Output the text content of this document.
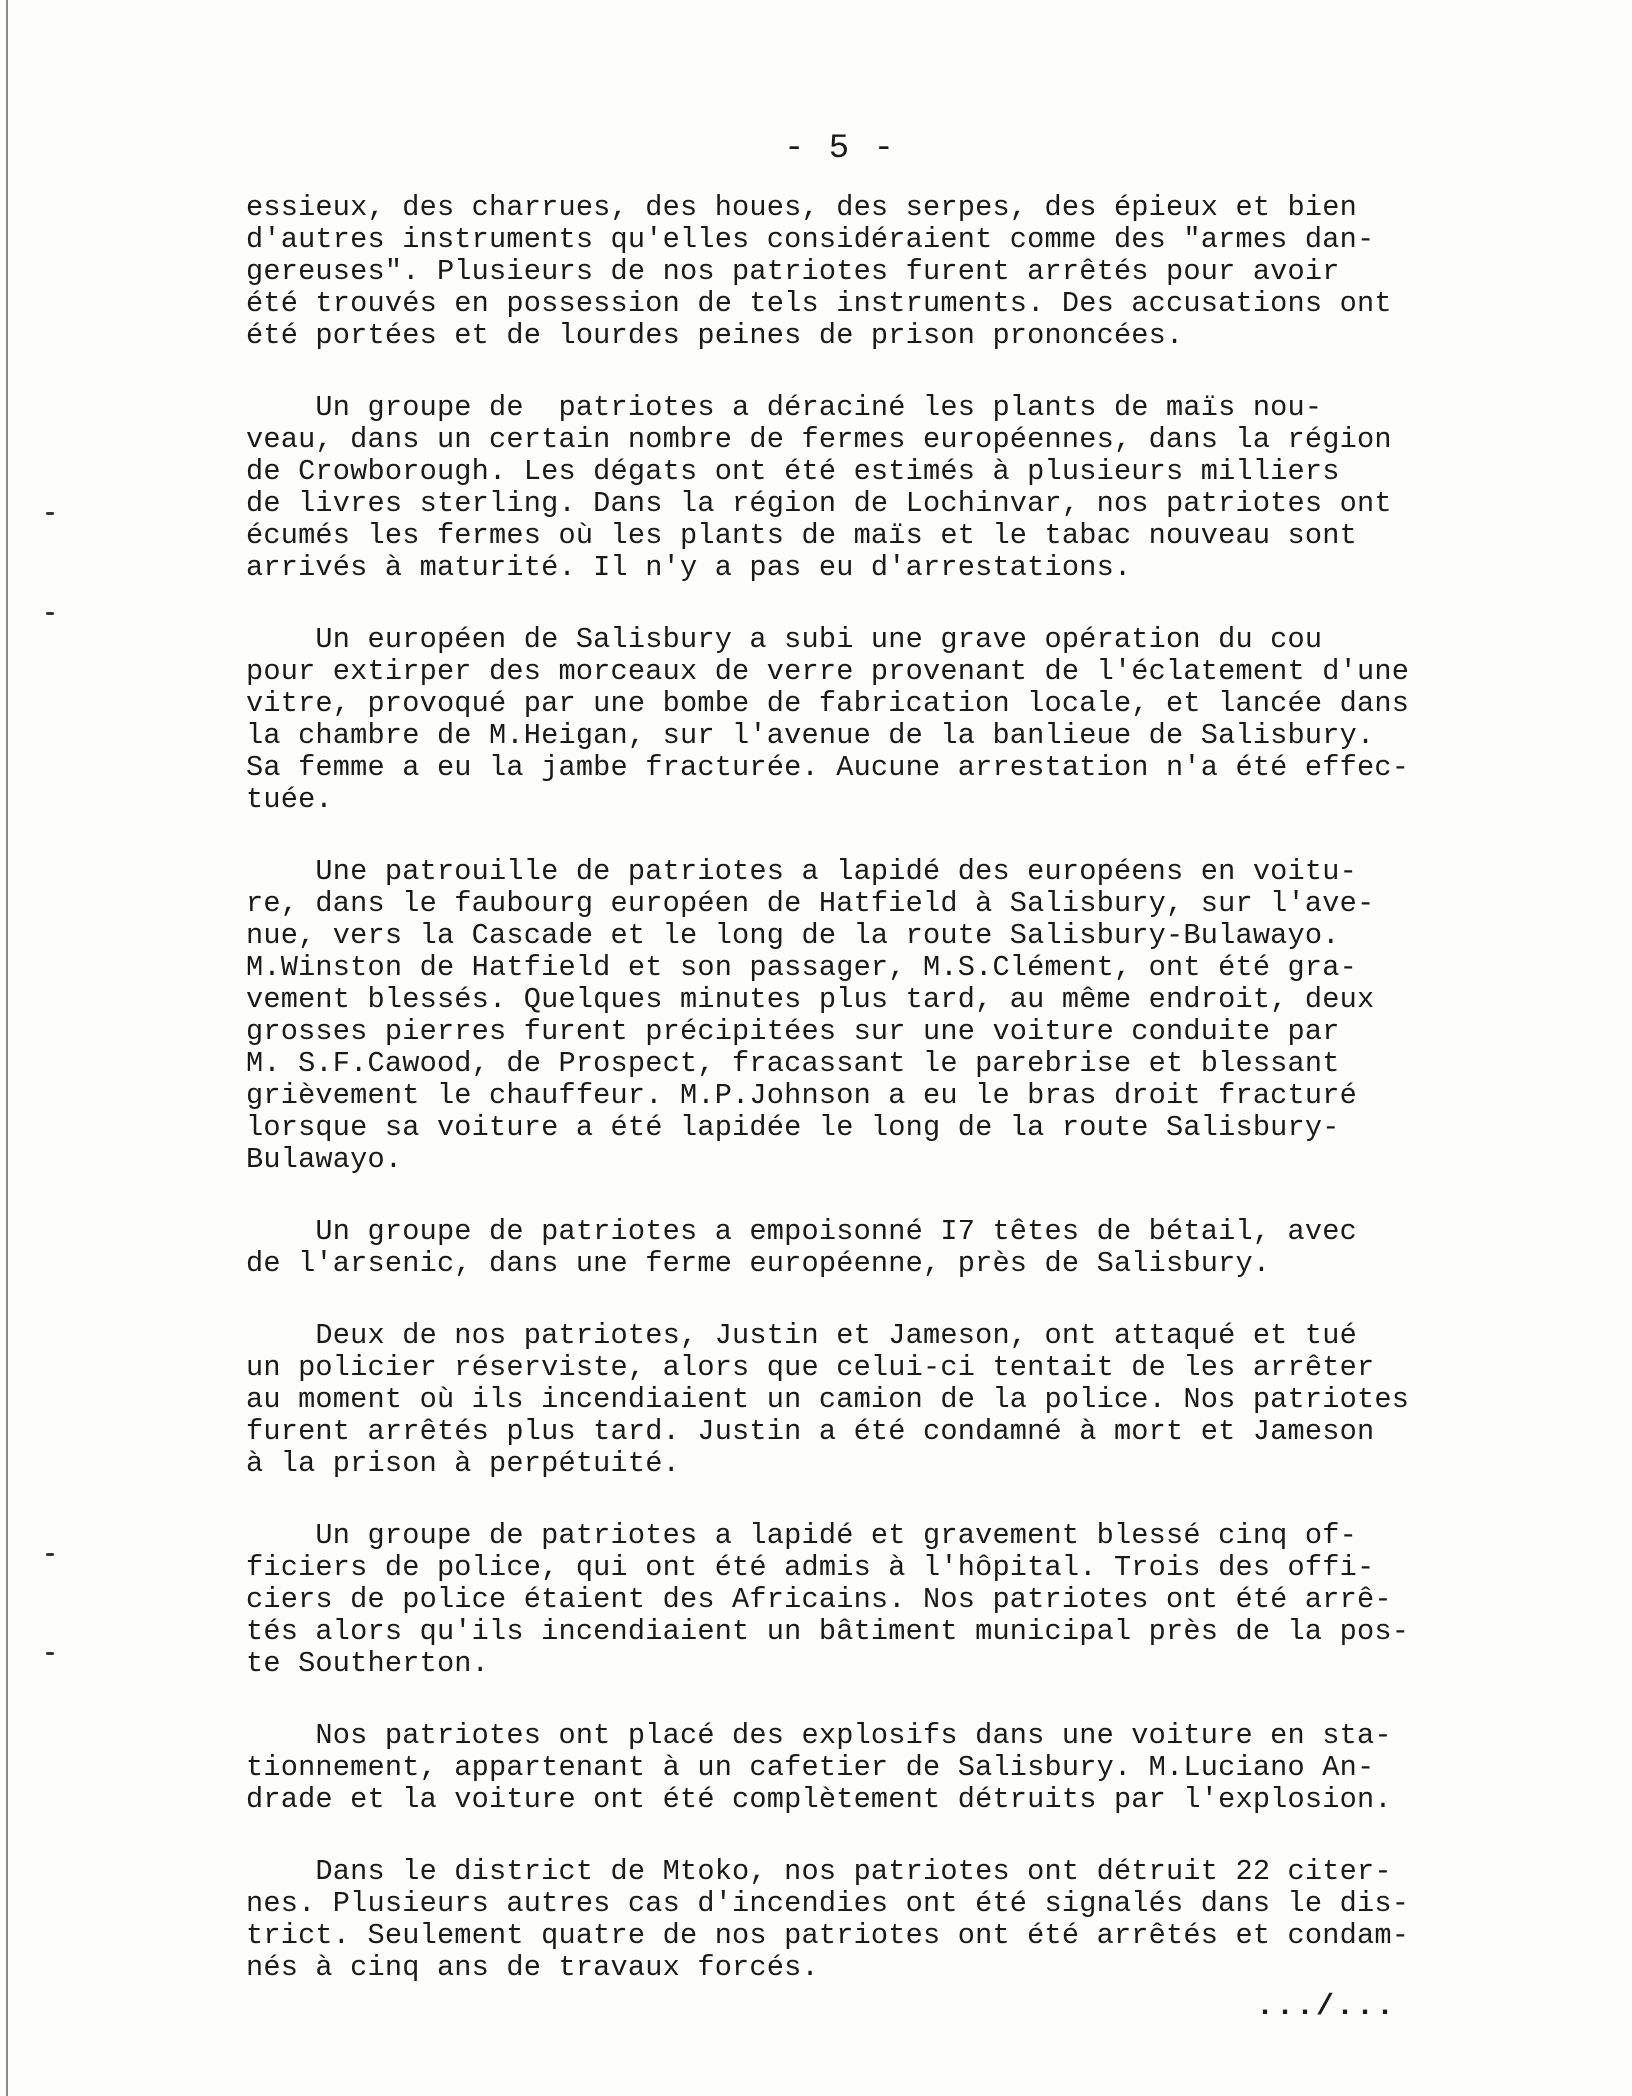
- 5 -
essieux, des charrues, des houes, des serpes, des épieux et bien
d'autres instruments qu'elles considéraient comme des "armes dan-
gereuses". Plusieurs de nos patriotes furent arrêtés pour avoir
été trouvés en possession de tels instruments. Des accusations ont
été portées et de lourdes peines de prison prononcées.
Un groupe de  patriotes a déraciné les plants de maïs nou-
veau, dans un certain nombre de fermes européennes, dans la région
de Crowborough. Les dégats ont été estimés à plusieurs milliers
de livres sterling. Dans la région de Lochinvar, nos patriotes ont
écumés les fermes où les plants de maïs et le tabac nouveau sont
arrivés à maturité. Il n'y a pas eu d'arrestations.
Un européen de Salisbury a subi une grave opération du cou
pour extirper des morceaux de verre provenant de l'éclatement d'une
vitre, provoqué par une bombe de fabrication locale, et lancée dans
la chambre de M.Heigan, sur l'avenue de la banlieue de Salisbury.
Sa femme a eu la jambe fracturée. Aucune arrestation n'a été effec-
tuée.
Une patrouille de patriotes a lapidé des européens en voitu-
re, dans le faubourg européen de Hatfield à Salisbury, sur l'ave-
nue, vers la Cascade et le long de la route Salisbury-Bulawayo.
M.Winston de Hatfield et son passager, M.S.Clément, ont été gra-
vement blessés. Quelques minutes plus tard, au même endroit, deux
grosses pierres furent précipitées sur une voiture conduite par
M. S.F.Cawood, de Prospect, fracassant le parebrise et blessant
grièvement le chauffeur. M.P.Johnson a eu le bras droit fracturé
lorsque sa voiture a été lapidée le long de la route Salisbury-
Bulawayo.
Un groupe de patriotes a empoisonné I7 têtes de bétail, avec
de l'arsenic, dans une ferme européenne, près de Salisbury.
Deux de nos patriotes, Justin et Jameson, ont attaqué et tué
un policier réserviste, alors que celui-ci tentait de les arrêter
au moment où ils incendiaient un camion de la police. Nos patriotes
furent arrêtés plus tard. Justin a été condamné à mort et Jameson
à la prison à perpétuité.
Un groupe de patriotes a lapidé et gravement blessé cinq of-
ficiers de police, qui ont été admis à l'hôpital. Trois des offi-
ciers de police étaient des Africains. Nos patriotes ont été arrê-
tés alors qu'ils incendiaient un bâtiment municipal près de la pos-
te Southerton.
Nos patriotes ont placé des explosifs dans une voiture en sta-
tionnement, appartenant à un cafetier de Salisbury. M.Luciano An-
drade et la voiture ont été complètement détruits par l'explosion.
Dans le district de Mtoko, nos patriotes ont détruit 22 citer-
nes. Plusieurs autres cas d'incendies ont été signalés dans le dis-
trict. Seulement quatre de nos patriotes ont été arrêtés et condam-
nés à cinq ans de travaux forcés.
.../...
